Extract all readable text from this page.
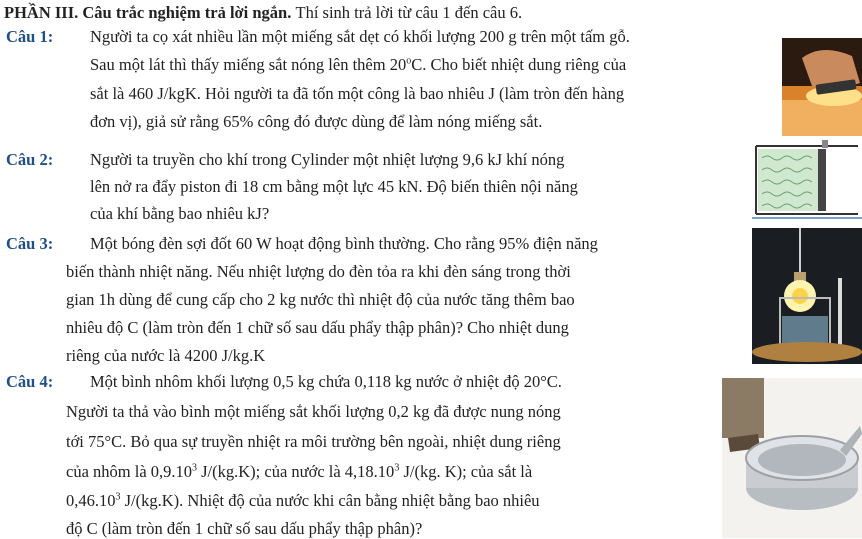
PHẦN III. Câu trắc nghiệm trả lời ngắn. Thí sinh trả lời từ câu 1 đến câu 6.
Câu 1: Người ta cọ xát nhiều lần một miếng sắt dẹt có khối lượng 200 g trên một tấm gỗ.
Sau một lát thì thấy miếng sắt nóng lên thêm 20$^o$C. Cho biết nhiệt dung riêng của
sắt là 460 J/kgK. Hỏi người ta đã tốn một công là bao nhiêu J (làm tròn đến hàng
đơn vị), giả sử rằng 65% công đó được dùng để làm nóng miếng sắt.
Câu 2: Người ta truyền cho khí trong Cylinder một nhiệt lượng 9,6 kJ khí nóng
lên nở ra đẩy piston đi 18 cm bằng một lực 45 kN. Độ biến thiên nội năng
của khí bằng bao nhiêu kJ?
Câu 3: Một bóng đèn sợi đốt 60 W hoạt động bình thường. Cho rằng 95% điện năng
biến thành nhiệt năng. Nếu nhiệt lượng do đèn tỏa ra khi đèn sáng trong thời
gian 1h dùng để cung cấp cho 2 kg nước thì nhiệt độ của nước tăng thêm bao
nhiêu độ C (làm tròn đến 1 chữ số sau dấu phẩy thập phân)? Cho nhiệt dung
riêng của nước là 4200 J/kg.K
Câu 4: Một bình nhôm khối lượng 0,5 kg chứa 0,118 kg nước ở nhiệt độ 20°C.
Người ta thả vào bình một miếng sắt khối lượng 0,2 kg đã được nung nóng
tới 75°C. Bỏ qua sự truyền nhiệt ra môi trường bên ngoài, nhiệt dung riêng
của nhôm là 0,9.10$^3$ J/(kg.K); của nước là 4,18.10$^3$ J/(kg. K); của sắt là
0,46.10$^3$ J/(kg.K). Nhiệt độ của nước khi cân bằng nhiệt bằng bao nhiêu
độ C (làm tròn đến 1 chữ số sau dấu phẩy thập phân)?
